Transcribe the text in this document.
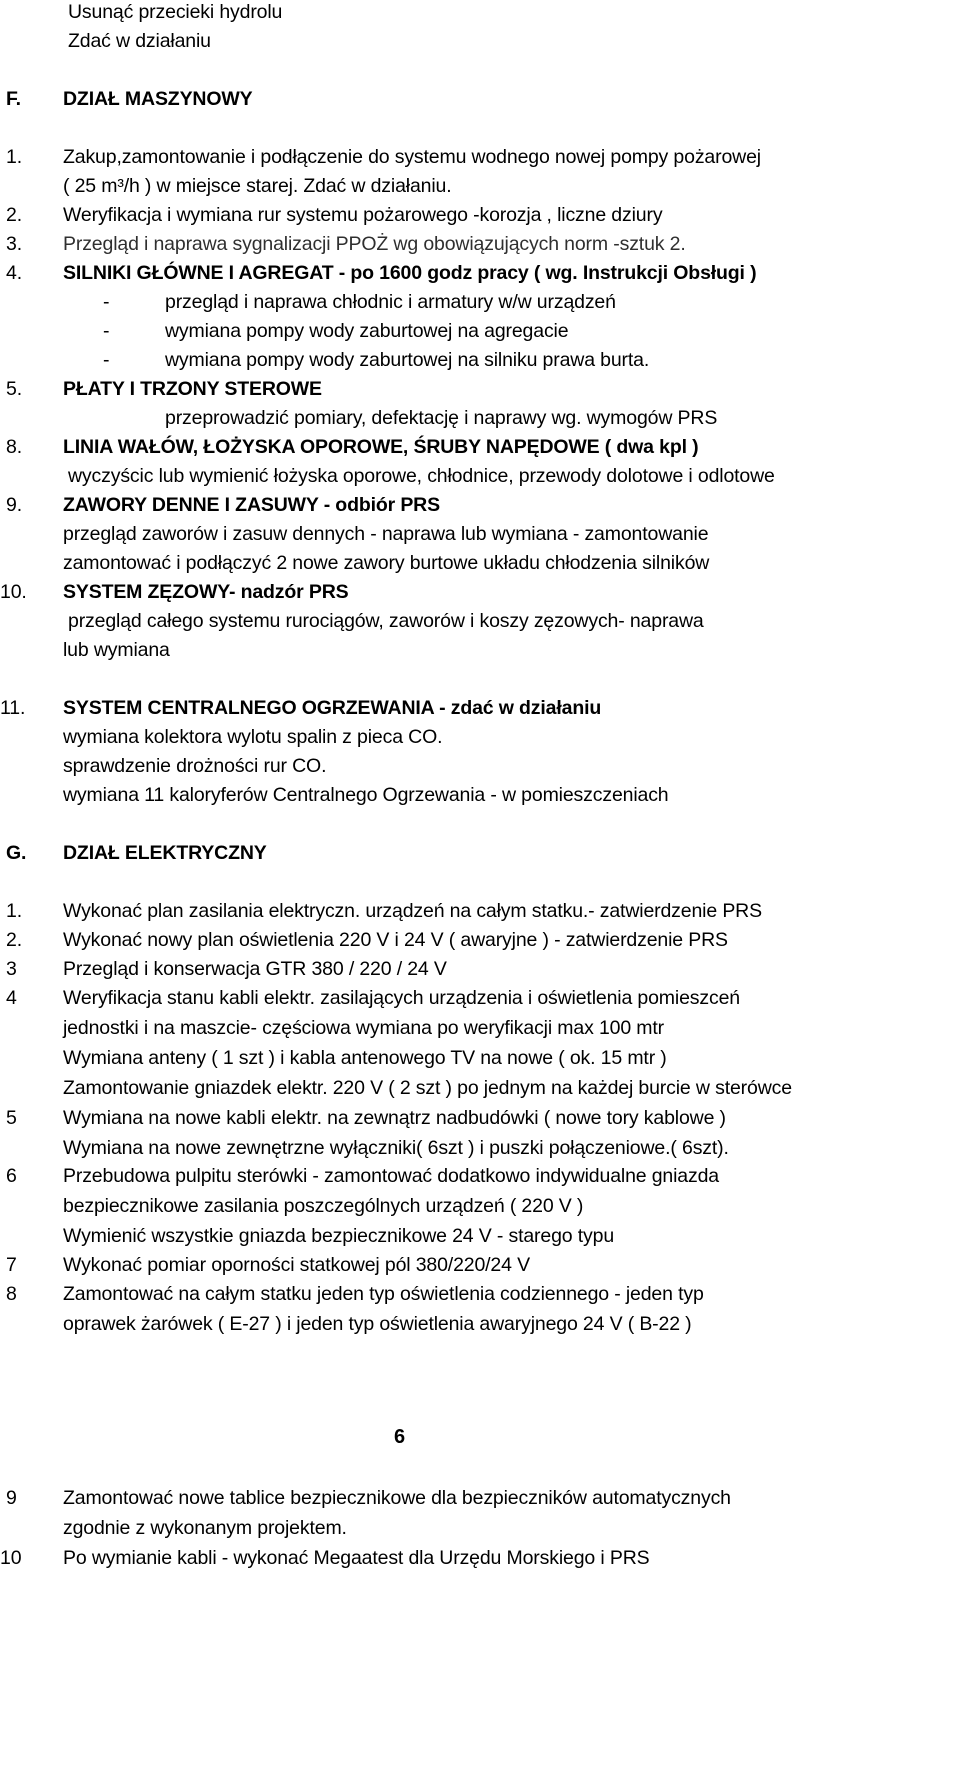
Usunąć przecieki hydrolu
Zdać w działaniu
F. DZIAŁ MASZYNOWY
1.	Zakup,zamontowanie i podłączenie do systemu wodnego nowej pompy pożarowej
( 25 m³/h ) w miejsce starej. Zdać w działaniu.
2.	Weryfikacja i wymiana rur systemu pożarowego -korozja , liczne dziury
3.	Przegląd i naprawa sygnalizacji PPOŻ wg obowiązujących norm -sztuk 2.
4.	SILNIKI GŁÓWNE I AGREGAT - po 1600 godz pracy ( wg. Instrukcji Obsługi )
-	przegląd i naprawa chłodnic i armatury w/w urządzeń
-	wymiana pompy wody zaburtowej na agregacie
-	wymiana pompy wody zaburtowej na silniku prawa burta.
5.	PŁATY I TRZONY STEROWE
przeprowadzić pomiary, defektację i naprawy wg. wymogów PRS
8.	LINIA WAŁÓW, ŁOŻYSKA OPOROWE, ŚRUBY NAPĘDOWE ( dwa kpl )
wyczyścic lub wymienić łożyska oporowe, chłodnice, przewody dolotowe i odlotowe
9.	ZAWORY DENNE I ZASUWY - odbiór PRS
przegląd zaworów i zasuw dennych - naprawa lub wymiana - zamontowanie
zamontować i podłączyć 2 nowe zawory burtowe układu chłodzenia silników
10.	SYSTEM ZĘZOWY- nadzór PRS
przegląd całego systemu rurociągów, zaworów i koszy zęzowych- naprawa
lub wymiana
11.	SYSTEM CENTRALNEGO OGRZEWANIA - zdać w działaniu
wymiana kolektora wylotu spalin z pieca CO.
sprawdzenie drożności rur CO.
wymiana 11 kaloryferów Centralnego Ogrzewania - w pomieszczeniach
G. DZIAŁ ELEKTRYCZNY
1.	Wykonać plan zasilania elektryczn. urządzeń na całym statku.- zatwierdzenie PRS
2.	Wykonać nowy plan oświetlenia 220 V i 24 V ( awaryjne ) - zatwierdzenie PRS
3	Przegląd i konserwacja GTR 380 / 220 / 24 V
4	Weryfikacja stanu kabli elektr. zasilających urządzenia i oświetlenia pomieszceń
jednostki i na maszcie- częściowa wymiana po weryfikacji max 100 mtr
Wymiana anteny ( 1 szt ) i kabla antenowego TV na nowe ( ok. 15 mtr )
Zamontowanie gniazdek elektr. 220 V ( 2 szt ) po jednym na każdej burcie w sterówce
5	Wymiana na nowe kabli elektr. na zewnątrz nadbudówki ( nowe tory kablowe )
Wymiana na nowe zewnętrzne wyłączniki( 6szt ) i puszki połączeniowe.( 6szt).
6	Przebudowa pulpitu sterówki - zamontować dodatkowo indywidualne gniazda
bezpiecznikowe zasilania poszczególnych urządzeń ( 220 V )
Wymienić wszystkie gniazda bezpiecznikowe 24 V - starego typu
7	Wykonać pomiar oporności statkowej pól 380/220/24 V
8	Zamontować na całym statku jeden typ oświetlenia codziennego - jeden typ
oprawek żarówek ( E-27 ) i jeden typ oświetlenia awaryjnego 24 V ( B-22 )
6
9	Zamontować nowe tablice bezpiecznikowe dla bezpieczników automatycznych
zgodnie z wykonanym projektem.
10	Po wymianie kabli - wykonać Megaatest dla Urzędu Morskiego i PRS
